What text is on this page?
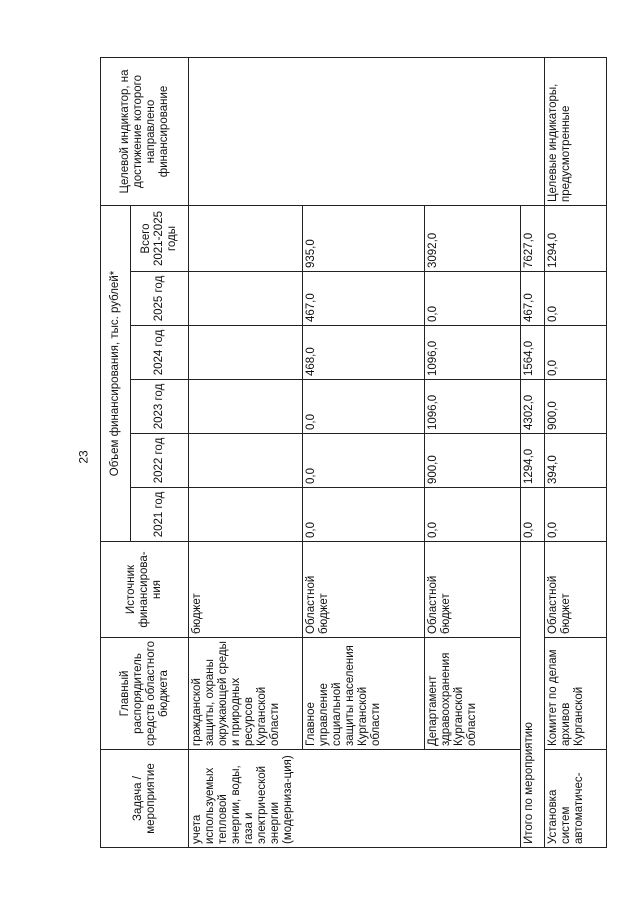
23
Задача / мероприятие	Главный распорядитель средств областного бюджета	Источник финансирова-ния	Объем финансирования, тыс. рублей*						Целевой индикатор, на достижение которого направлено финансирование
			2021 год	2022 год	2023 год	2024 год	2025 год	Всего 2021-2025 годы	
учета используемых тепловой энергии, воды, газа и электрической энергии (модерниза-ция)	гражданской защиты, охраны окружающей среды и природных ресурсов Курганской области	бюджет							
	Главное управление социальной защиты населения Курганской области	Областной бюджет	0,0	0,0	0,0	468,0	467,0	935,0	
	Департамент здравоохранения Курганской области	Областной бюджет	0,0	900,0	1096,0	1096,0	0,0	3092,0	
Итого по мероприятию			0,0	1294,0	4302,0	1564,0	467,0	7627,0	
Установка систем автоматичес-	Комитет по делам архивов Курганской	Областной бюджет	0,0	394,0	900,0	0,0	0,0	1294,0	Целевые индикаторы, предусмотренные
